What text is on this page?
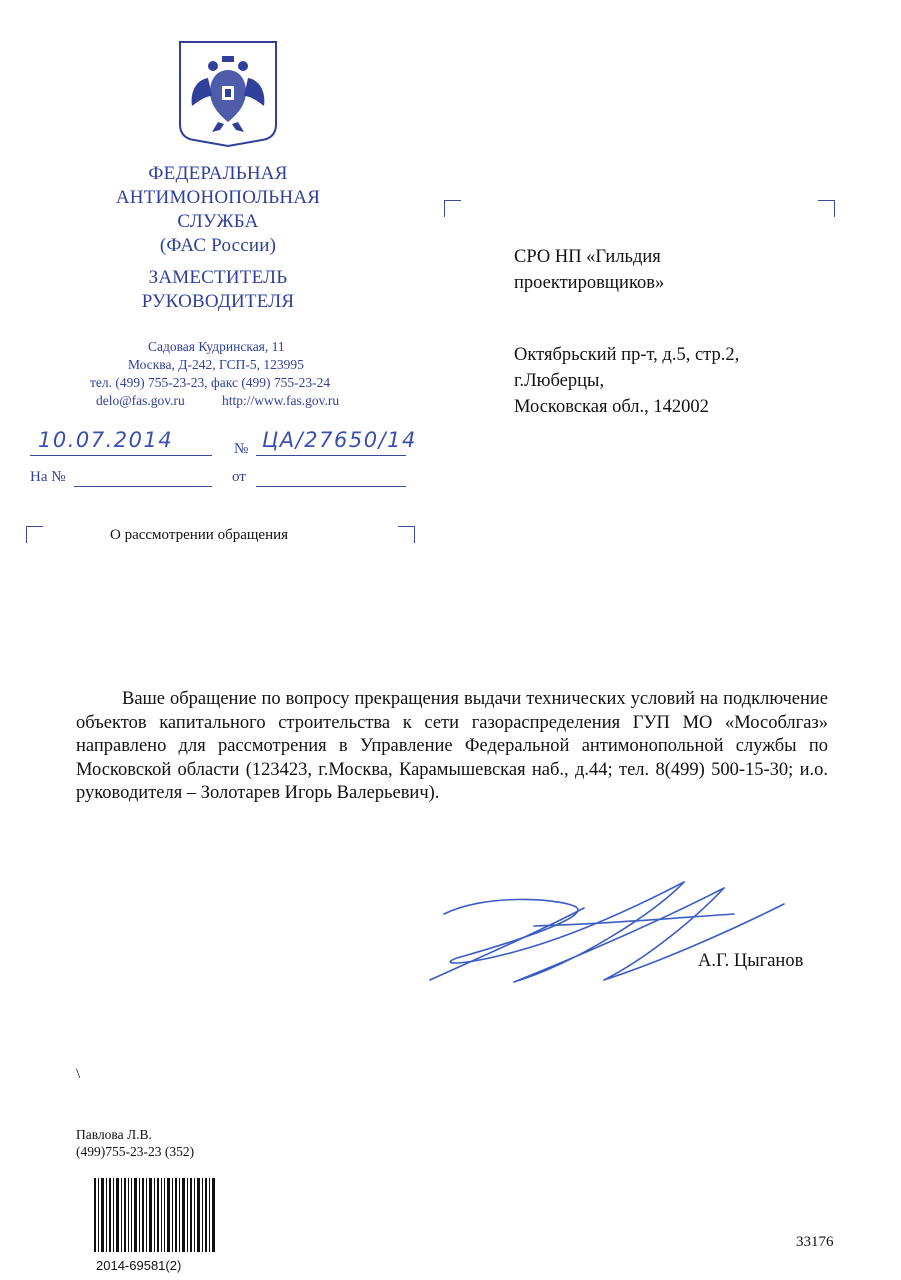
ФЕДЕРАЛЬНАЯ
АНТИМОНОПОЛЬНАЯ
СЛУЖБА
(ФАС России)
ЗАМЕСТИТЕЛЬ
РУКОВОДИТЕЛЯ
Садовая Кудринская, 11
Москва, Д-242, ГСП-5, 123995
тел. (499) 755-23-23, факс (499) 755-23-24
delo@fas.gov.ru	http://www.fas.gov.ru
10.07.2014	№ ЦА/27650/14
На №	от
О рассмотрении обращения
СРО НП «Гильдия
проектировщиков»
Октябрьский пр-т, д.5, стр.2,
г.Люберцы,
Московская обл., 142002
Ваше обращение по вопросу прекращения выдачи технических условий на подключение объектов капитального строительства к сети газораспределения ГУП МО «Мособлгаз» направлено для рассмотрения в Управление Федеральной антимонопольной службы по Московской области (123423, г.Москва, Карамышевская наб., д.44; тел. 8(499) 500-15-30; и.о. руководителя – Золотарев Игорь Валерьевич).
А.Г. Цыганов
\
Павлова Л.В.
(499)755-23-23 (352)
2014-69581(2)
33176
